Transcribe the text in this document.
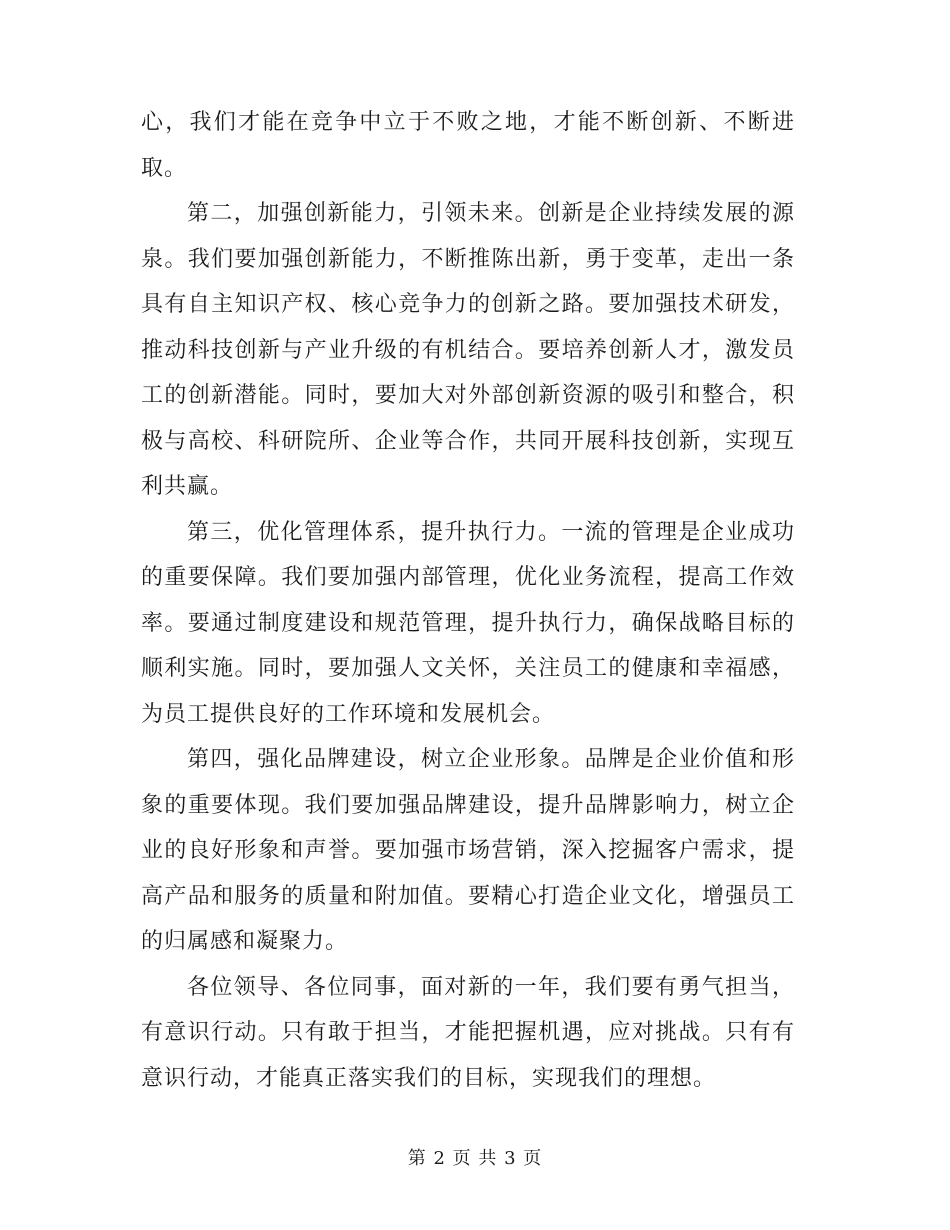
心，我们才能在竞争中立于不败之地，才能不断创新、不断进取。

第二，加强创新能力，引领未来。创新是企业持续发展的源泉。我们要加强创新能力，不断推陈出新，勇于变革，走出一条具有自主知识产权、核心竞争力的创新之路。要加强技术研发，推动科技创新与产业升级的有机结合。要培养创新人才，激发员工的创新潜能。同时，要加大对外部创新资源的吸引和整合，积极与高校、科研院所、企业等合作，共同开展科技创新，实现互利共赢。

第三，优化管理体系，提升执行力。一流的管理是企业成功的重要保障。我们要加强内部管理，优化业务流程，提高工作效率。要通过制度建设和规范管理，提升执行力，确保战略目标的顺利实施。同时，要加强人文关怀，关注员工的健康和幸福感，为员工提供良好的工作环境和发展机会。

第四，强化品牌建设，树立企业形象。品牌是企业价值和形象的重要体现。我们要加强品牌建设，提升品牌影响力，树立企业的良好形象和声誉。要加强市场营销，深入挖掘客户需求，提高产品和服务的质量和附加值。要精心打造企业文化，增强员工的归属感和凝聚力。

各位领导、各位同事，面对新的一年，我们要有勇气担当，有意识行动。只有敢于担当，才能把握机遇，应对挑战。只有有意识行动，才能真正落实我们的目标，实现我们的理想。

第 2 页 共 3 页
